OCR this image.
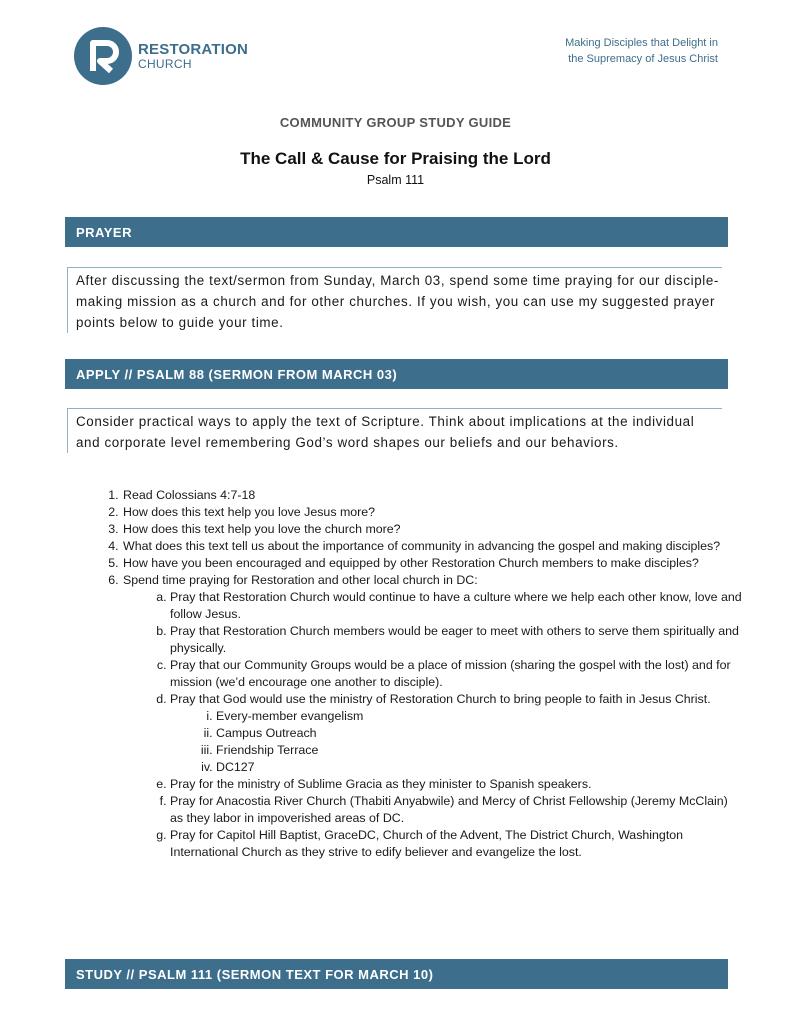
RESTORATION
CHURCH
Making Disciples that Delight in
the Supremacy of Jesus Christ
COMMUNITY GROUP STUDY GUIDE
The Call & Cause for Praising the Lord
Psalm 111
PRAYER
After discussing the text/sermon from Sunday, March 03, spend some time praying for our disciple-making mission as a church and for other churches. If you wish, you can use my suggested prayer points below to guide your time.
APPLY // PSALM 88 (SERMON FROM MARCH 03)
Consider practical ways to apply the text of Scripture. Think about implications at the individual and corporate level remembering God’s word shapes our beliefs and our behaviors.
1. Read Colossians 4:7-18
2. How does this text help you love Jesus more?
3. How does this text help you love the church more?
4. What does this text tell us about the importance of community in advancing the gospel and making disciples?
5. How have you been encouraged and equipped by other Restoration Church members to make disciples?
6. Spend time praying for Restoration and other local church in DC:
a. Pray that Restoration Church would continue to have a culture where we help each other know, love and follow Jesus.
b. Pray that Restoration Church members would be eager to meet with others to serve them spiritually and physically.
c. Pray that our Community Groups would be a place of mission (sharing the gospel with the lost) and for mission (we’d encourage one another to disciple).
d. Pray that God would use the ministry of Restoration Church to bring people to faith in Jesus Christ.
i. Every-member evangelism
ii. Campus Outreach
iii. Friendship Terrace
iv. DC127
e. Pray for the ministry of Sublime Gracia as they minister to Spanish speakers.
f. Pray for Anacostia River Church (Thabiti Anyabwile) and Mercy of Christ Fellowship (Jeremy McClain) as they labor in impoverished areas of DC.
g. Pray for Capitol Hill Baptist, GraceDC, Church of the Advent, The District Church, Washington International Church as they strive to edify believer and evangelize the lost.
STUDY // PSALM 111 (SERMON TEXT FOR MARCH 10)
